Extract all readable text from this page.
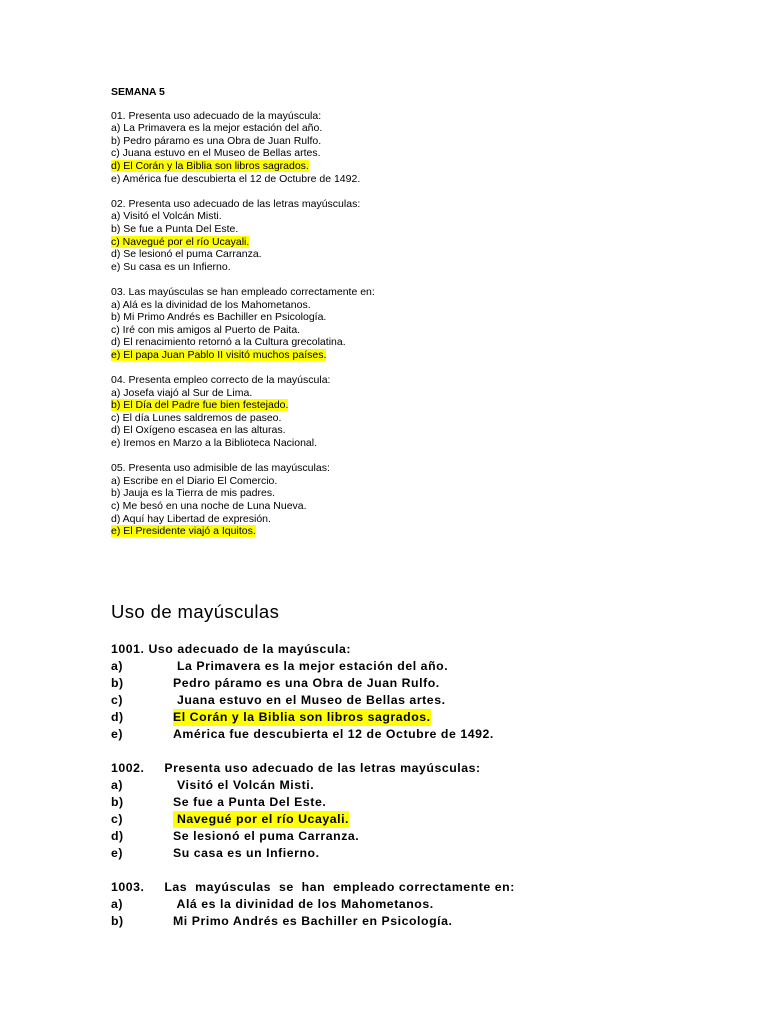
SEMANA 5
01. Presenta uso adecuado de la mayúscula:
a) La Primavera es la mejor estación del año.
b) Pedro páramo es una Obra de Juan Rulfo.
c) Juana estuvo en el Museo de Bellas artes.
d) El Corán y la Biblia son libros sagrados.
e) América fue descubierta el 12 de Octubre de 1492.
02. Presenta uso adecuado de las letras mayúsculas:
a) Visitó el Volcán Misti.
b) Se fue a Punta Del Este.
c) Navegué por el río Ucayali.
d) Se lesionó el puma Carranza.
e) Su casa es un Infierno.
03. Las mayúsculas se han empleado correctamente en:
a) Alá es la divinidad de los Mahometanos.
b) Mi Primo Andrés es Bachiller en Psicología.
c) Iré con mis amigos al Puerto de Paita.
d) El renacimiento retornó a la Cultura grecolatina.
e) El papa Juan Pablo II visitó muchos países.
04. Presenta empleo correcto de la mayúscula:
a) Josefa viajó al Sur de Lima.
b) El Día del Padre fue bien festejado.
c) El día Lunes saldremos de paseo.
d) El Oxígeno escasea en las alturas.
e) Iremos en Marzo a la Biblioteca Nacional.
05. Presenta uso admisible de las mayúsculas:
a) Escribe en el Diario El Comercio.
b) Jauja es la Tierra de mis padres.
c) Me besó en una noche de Luna Nueva.
d) Aquí hay Libertad de expresión.
e) El Presidente viajó a Iquitos.
Uso de mayúsculas
1001. Uso adecuado de la mayúscula:
a)	La Primavera es la mejor estación del año.
b)	Pedro páramo es una Obra de Juan Rulfo.
c)	Juana estuvo en el Museo de Bellas artes.
d)	El Corán y la Biblia son libros sagrados.
e)	América fue descubierta el 12 de Octubre de 1492.
1002.     Presenta uso adecuado de las letras mayúsculas:
a)	Visitó el Volcán Misti.
b)	Se fue a Punta Del Este.
c)	Navegué por el río Ucayali.
d)	Se lesionó el puma Carranza.
e)	Su casa es un Infierno.
1003.     Las  mayúsculas  se  han  empleado correctamente en:
a)	Alá es la divinidad de los Mahometanos.
b)	Mi Primo Andrés es Bachiller en Psicología.
